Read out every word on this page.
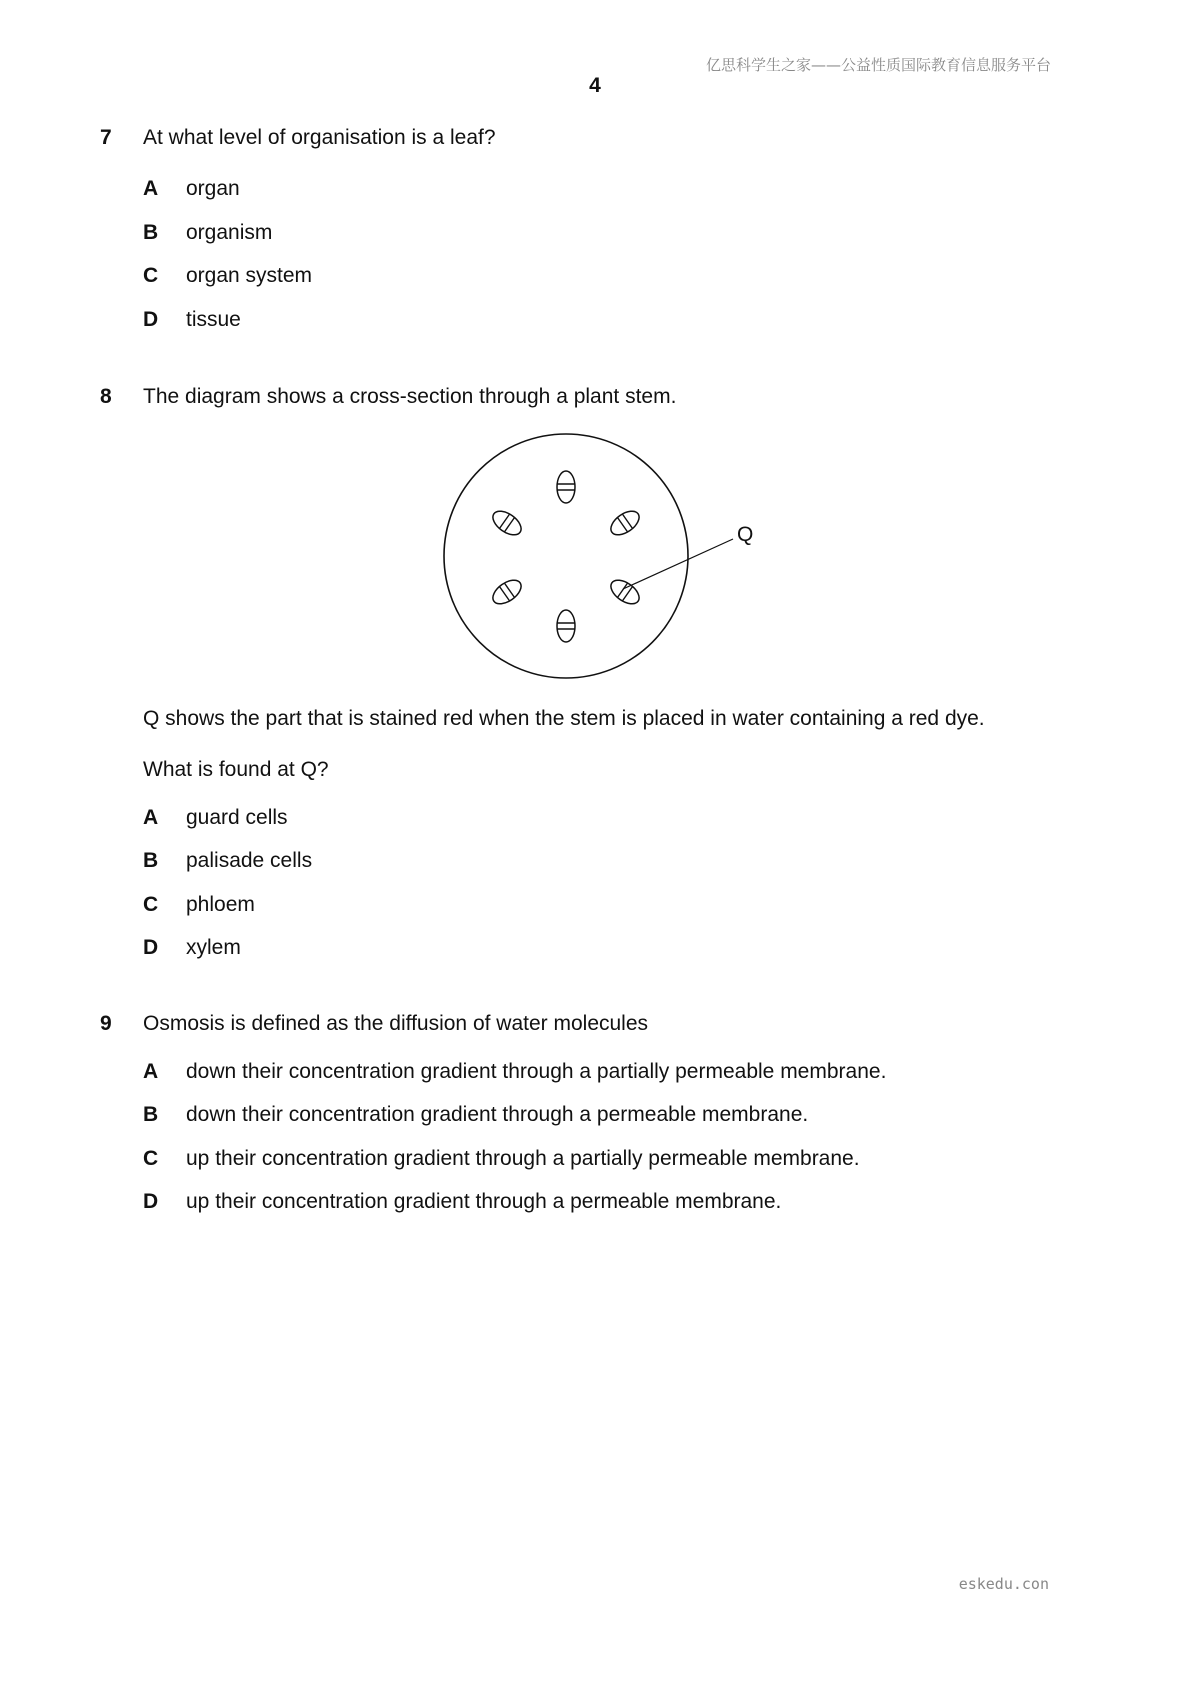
亿思科学生之家——公益性质国际教育信息服务平台
4
7 At what level of organisation is a leaf?
A organ
B organism
C organ system
D tissue
8 The diagram shows a cross-section through a plant stem.
Q
Q shows the part that is stained red when the stem is placed in water containing a red dye.
What is found at Q?
A guard cells
B palisade cells
C phloem
D xylem
9 Osmosis is defined as the diffusion of water molecules
A down their concentration gradient through a partially permeable membrane.
B down their concentration gradient through a permeable membrane.
C up their concentration gradient through a partially permeable membrane.
D up their concentration gradient through a permeable membrane.
eskedu.con
